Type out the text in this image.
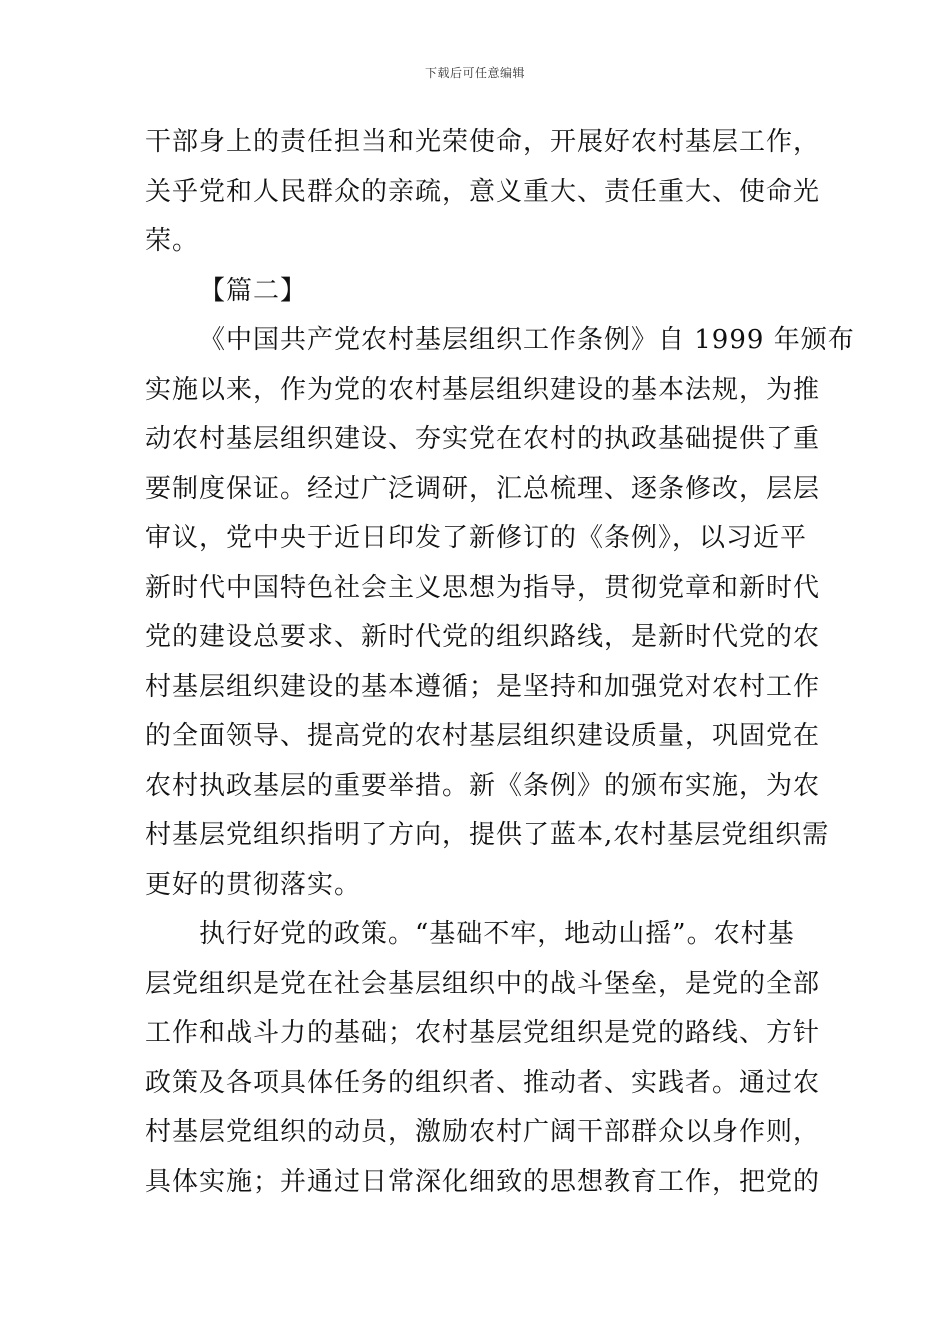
下载后可任意编辑
干部身上的责任担当和光荣使命，开展好农村基层工作，
关乎党和人民群众的亲疏，意义重大、责任重大、使命光
荣。
【篇二】
《中国共产党农村基层组织工作条例》自 1999 年颁布
实施以来，作为党的农村基层组织建设的基本法规，为推
动农村基层组织建设、夯实党在农村的执政基础提供了重
要制度保证。经过广泛调研，汇总梳理、逐条修改，层层
审议，党中央于近日印发了新修订的《条例》，以习近平
新时代中国特色社会主义思想为指导，贯彻党章和新时代
党的建设总要求、新时代党的组织路线，是新时代党的农
村基层组织建设的基本遵循；是坚持和加强党对农村工作
的全面领导、提高党的农村基层组织建设质量，巩固党在
农村执政基层的重要举措。新《条例》的颁布实施，为农
村基层党组织指明了方向，提供了蓝本,农村基层党组织需
更好的贯彻落实。
执行好党的政策。“基础不牢，地动山摇”。农村基
层党组织是党在社会基层组织中的战斗堡垒，是党的全部
工作和战斗力的基础；农村基层党组织是党的路线、方针
政策及各项具体任务的组织者、推动者、实践者。通过农
村基层党组织的动员，激励农村广阔干部群众以身作则，
具体实施；并通过日常深化细致的思想教育工作，把党的
